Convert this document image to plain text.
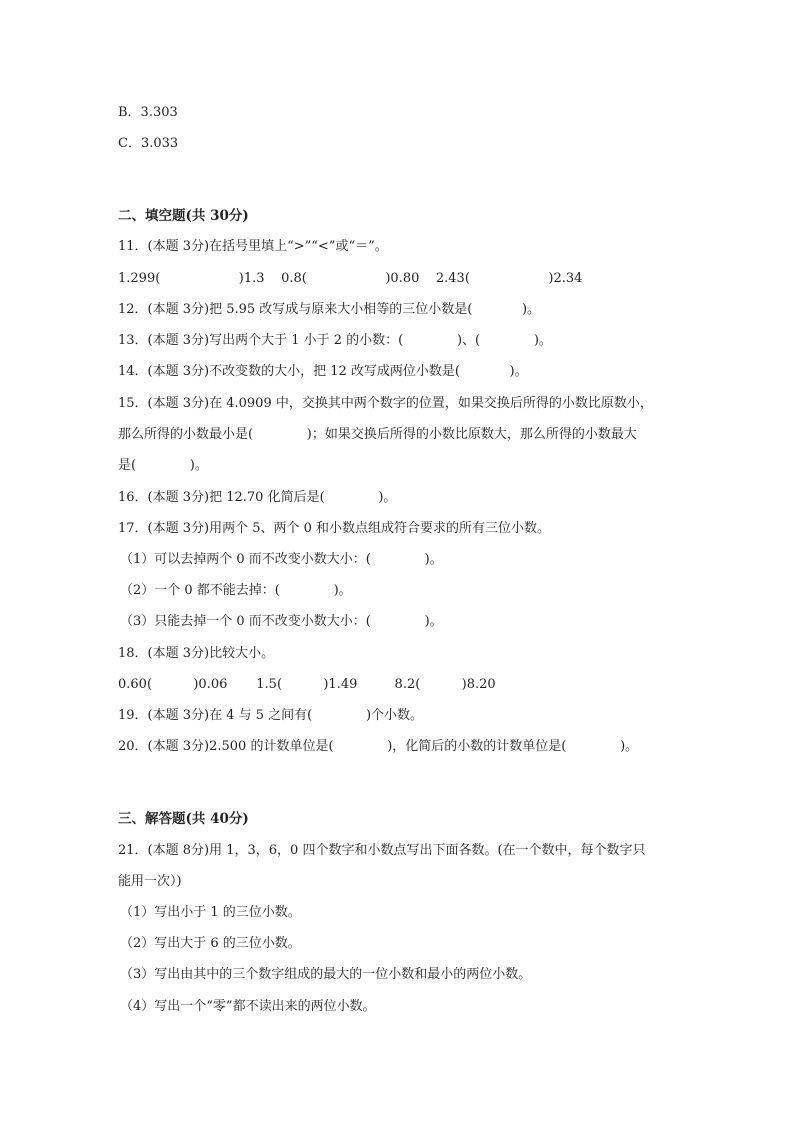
B．3.303
C．3.033
二、填空题(共 30分)
11．(本题 3分)在括号里填上“>”“<”或“＝”。
1.299(                   )1.3    0.8(                   )0.80    2.43(                   )2.34
12．(本题 3分)把 5.95 改写成与原来大小相等的三位小数是(            )。
13．(本题 3分)写出两个大于 1 小于 2 的小数：(             )、(             )。
14．(本题 3分)不改变数的大小，把 12 改写成两位小数是(            )。
15．(本题 3分)在 4.0909 中，交换其中两个数字的位置，如果交换后所得的小数比原数小，
那么所得的小数最小是(             )；如果交换后所得的小数比原数大，那么所得的小数最大
是(             )。
16．(本题 3分)把 12.70 化简后是(             )。
17．(本题 3分)用两个 5、两个 0 和小数点组成符合要求的所有三位小数。
（1）可以去掉两个 0 而不改变小数大小：(             )。
（2）一个 0 都不能去掉：(             )。
（3）只能去掉一个 0 而不改变小数大小：(             )。
18．(本题 3分)比较大小。
0.60(          )0.06       1.5(          )1.49         8.2(          )8.20
19．(本题 3分)在 4 与 5 之间有(             )个小数。
20．(本题 3分)2.500 的计数单位是(             )，化简后的小数的计数单位是(             )。
三、解答题(共 40分)
21．(本题 8分)用 1，3，6，0 四个数字和小数点写出下面各数。(在一个数中，每个数字只
能用一次）)
（1）写出小于 1 的三位小数。
（2）写出大于 6 的三位小数。
（3）写出由其中的三个数字组成的最大的一位小数和最小的两位小数。
（4）写出一个“零”都不读出来的两位小数。
